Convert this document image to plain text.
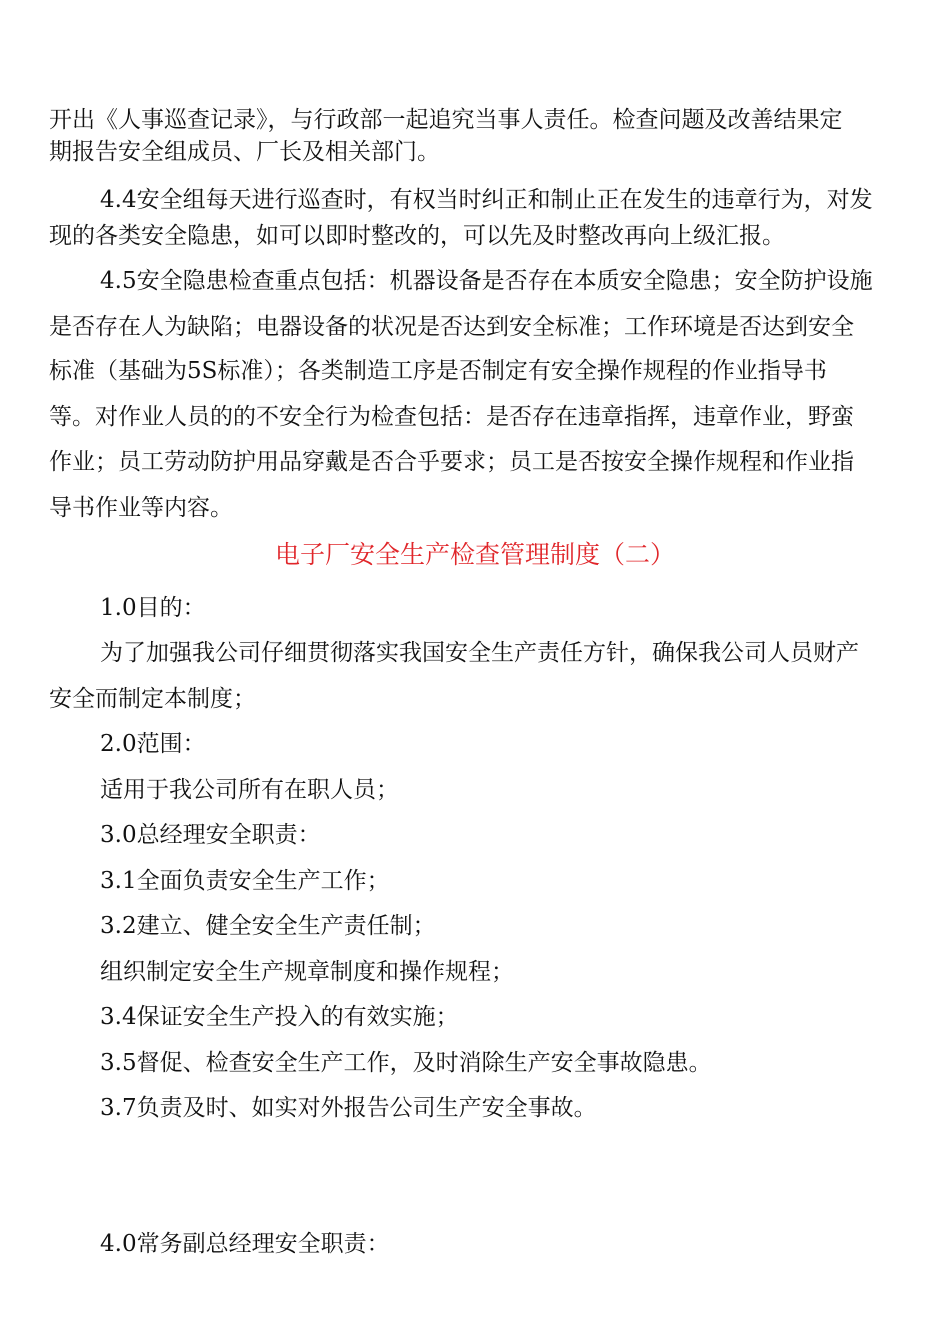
开出《人事巡查记录》，与行政部一起追究当事人责任。检查问题及改善结果定
期报告安全组成员、厂长及相关部门。
4.4安全组每天进行巡查时，有权当时纠正和制止正在发生的违章行为，对发
现的各类安全隐患，如可以即时整改的，可以先及时整改再向上级汇报。
4.5安全隐患检查重点包括：机器设备是否存在本质安全隐患；安全防护设施
是否存在人为缺陷；电器设备的状况是否达到安全标准；工作环境是否达到安全
标准（基础为5S标准）；各类制造工序是否制定有安全操作规程的作业指导书
等。对作业人员的的不安全行为检查包括：是否存在违章指挥，违章作业，野蛮
作业；员工劳动防护用品穿戴是否合乎要求；员工是否按安全操作规程和作业指
导书作业等内容。
电子厂安全生产检查管理制度（二）
1.0目的：
为了加强我公司仔细贯彻落实我国安全生产责任方针，确保我公司人员财产
安全而制定本制度；
2.0范围：
适用于我公司所有在职人员；
3.0总经理安全职责：
3.1全面负责安全生产工作；
3.2建立、健全安全生产责任制；
组织制定安全生产规章制度和操作规程；
3.4保证安全生产投入的有效实施；
3.5督促、检查安全生产工作，及时消除生产安全事故隐患。
3.7负责及时、如实对外报告公司生产安全事故。
4.0常务副总经理安全职责：
